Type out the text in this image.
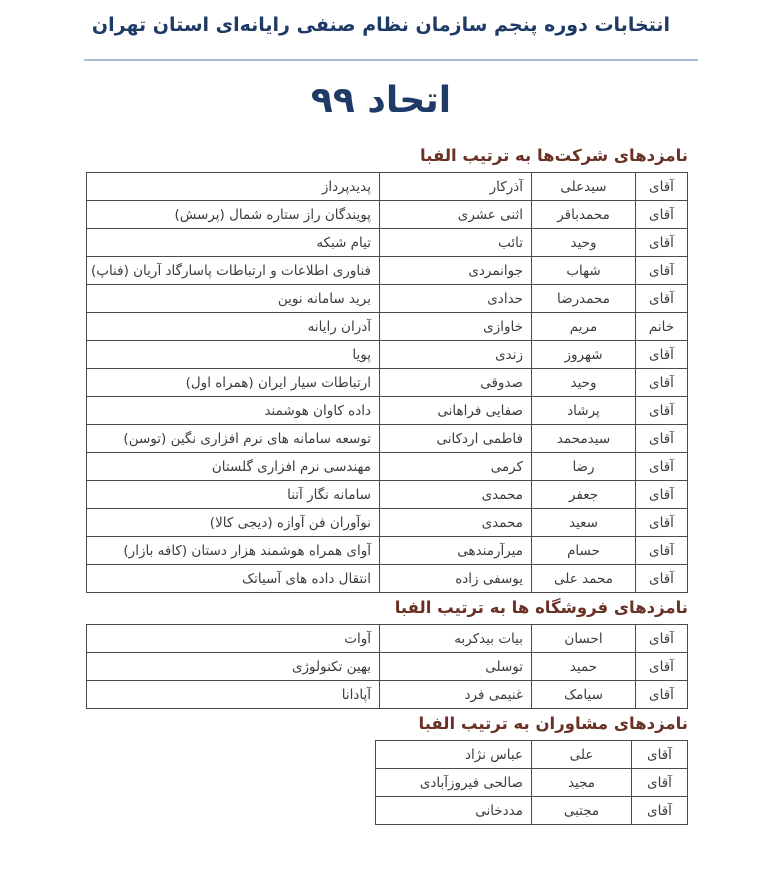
انتخابات دوره پنجم سازمان نظام صنفی رایانه‌ای استان تهران
اتحاد ۹۹
نامزدهای شرکت‌ها به ترتیب الفبا
آقای	سیدعلی	آذرکار	پدیدپرداز
آقای	محمدباقر	اثنی عشری	پویندگان راز ستاره شمال (پرسش)
آقای	وحید	تائب	تیام شبکه
آقای	شهاب	جوانمردی	فناوری اطلاعات و ارتباطات پاسارگاد آریان (فناپ)
آقای	محمدرضا	حدادی	برید سامانه نوین
خانم	مریم	خاوازی	آدران رایانه
آقای	شهروز	زندی	پویا
آقای	وحید	صدوقی	ارتباطات سیار ایران (همراه اول)
آقای	پرشاد	صفایی فراهانی	داده کاوان هوشمند
آقای	سیدمحمد	فاطمی اردکانی	توسعه سامانه های نرم افزاری نگین (توسن)
آقای	رضا	کرمی	مهندسی نرم افزاری گلستان
آقای	جعفر	محمدی	سامانه نگار آتنا
آقای	سعید	محمدی	نوآوران فن آوازه (دیجی کالا)
آقای	حسام	میرآرمندهی	آوای همراه هوشمند هزار دستان (کافه بازار)
آقای	محمد علی	یوسفی زاده	انتقال داده های آسیاتک
نامزدهای فروشگاه ها به ترتیب الفبا
آقای	احسان	بیات بیدکربه	آوات
آقای	حمید	توسلی	بهین تکنولوژی
آقای	سیامک	غنیمی فرد	آپادانا
نامزدهای مشاوران به ترتیب الفبا
آقای	علی	عباس نژاد
آقای	مجید	صالحی فیروزآبادی
آقای	مجتبی	مددخانی
